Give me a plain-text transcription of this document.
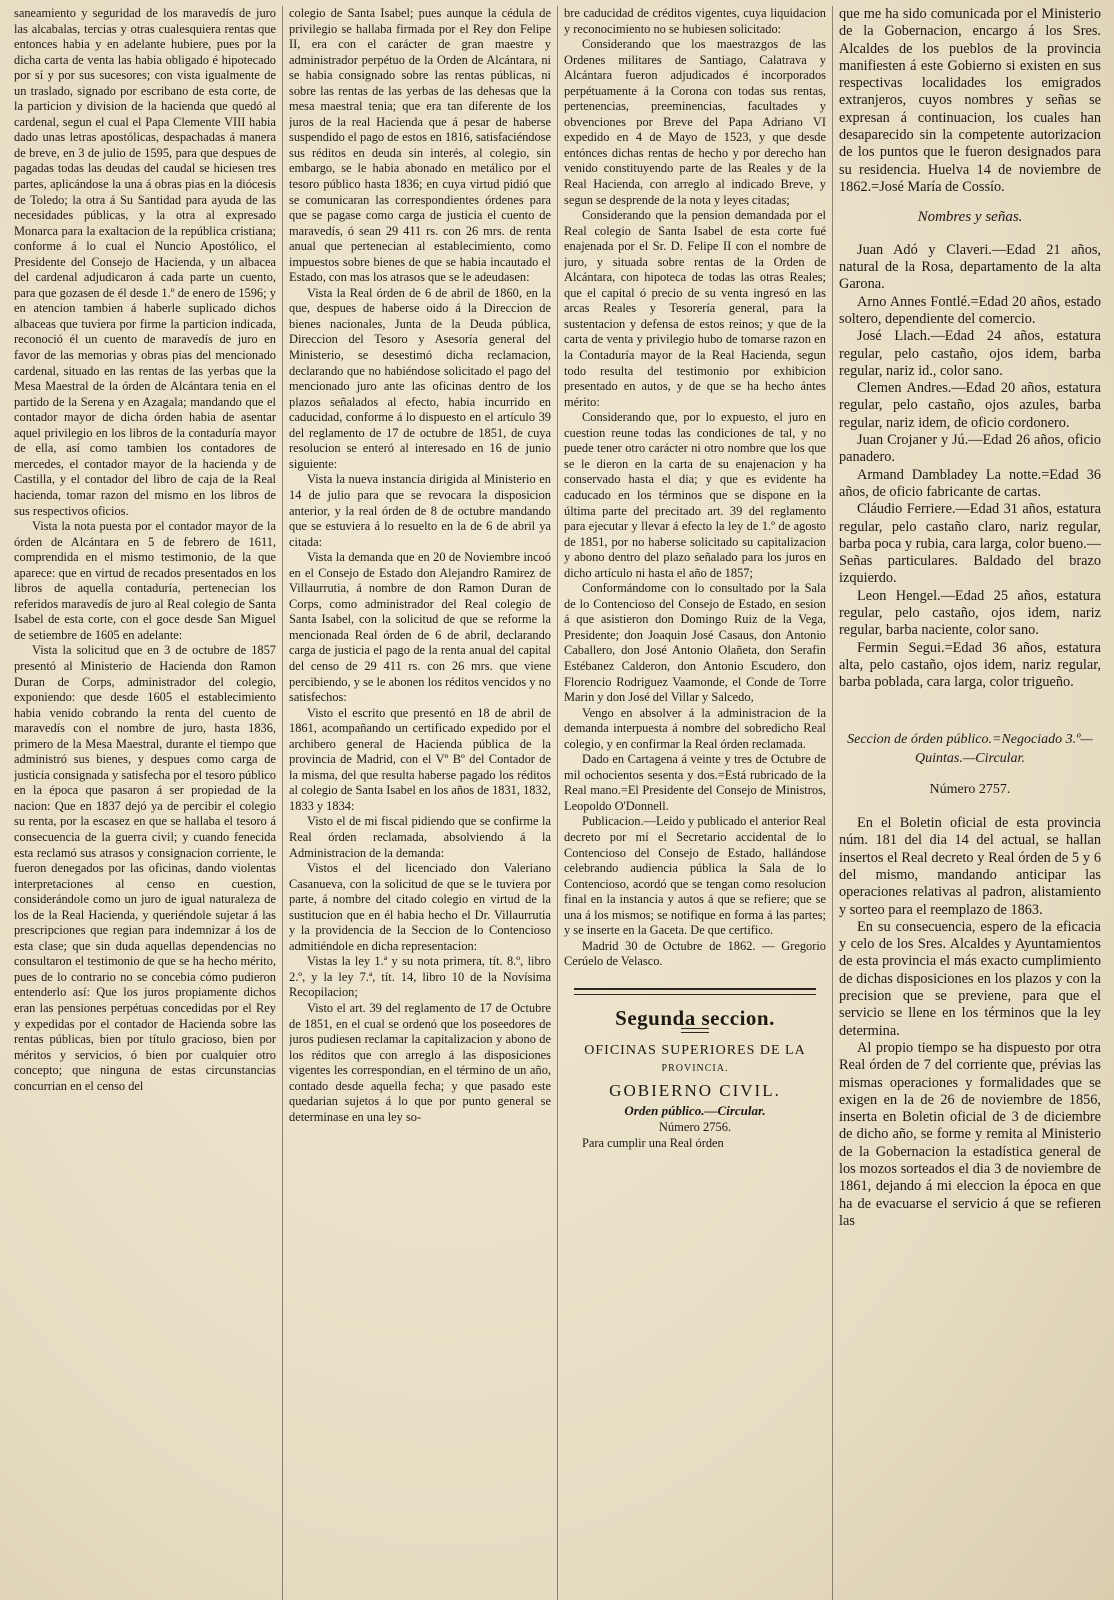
saneamiento y seguridad de los maravedís de juro las alcabalas, tercias y otras cualesquiera rentas que entonces habia y en adelante hubiere, pues por la dicha carta de venta las habia obligado é hipotecado por sí y por sus sucesores; con vista igualmente de un traslado, signado por escribano de esta corte, de la particion y division de la hacienda que quedó al cardenal, segun el cual el Papa Clemente VIII habia dado unas letras apostólicas, despachadas á manera de breve, en 3 de julio de 1595, para que despues de pagadas todas las deudas del caudal se hiciesen tres partes, aplicándose la una á obras pias en la diócesis de Toledo; la otra á Su Santidad para ayuda de las necesidades públicas, y la otra al expresado Monarca para la exaltacion de la república cristiana; conforme á lo cual el Nuncio Apostólico, el Presidente del Consejo de Hacienda, y un albacea del cardenal adjudicaron á cada parte un cuento, para que gozasen de él desde 1.º de enero de 1596; y en atencion tambien á haberle suplicado dichos albaceas que tuviera por firme la particion indicada, reconoció él un cuento de maravedís de juro en favor de las memorias y obras pias del mencionado cardenal, situado en las rentas de las yerbas que la Mesa Maestral de la órden de Alcántara tenia en el partido de la Serena y en Azagala; mandando que el contador mayor de dicha órden habia de asentar aquel privilegio en los libros de la contaduría mayor de ella, así como tambien los contadores de mercedes, el contador mayor de la hacienda y de Castilla, y el contador del libro de caja de la Real hacienda, tomar razon del mismo en los libros de sus respectivos oficios.

Vista la nota puesta por el contador mayor de la órden de Alcántara en 5 de febrero de 1611, comprendida en el mismo testimonio, de la que aparece: que en virtud de recados presentados en los libros de aquella contaduría, pertenecian los referidos maravedís de juro al Real colegio de Santa Isabel de esta corte, con el goce desde San Miguel de setiembre de 1605 en adelante:

Vista la solicitud que en 3 de octubre de 1857 presentó al Ministerio de Hacienda don Ramon Duran de Corps, administrador del colegio, exponiendo: que desde 1605 el establecimiento habia venido cobrando la renta del cuento de maravedís con el nombre de juro, hasta 1836, primero de la Mesa Maestral, durante el tiempo que administró sus bienes, y despues como carga de justicia consignada y satisfecha por el tesoro público en la época que pasaron á ser propiedad de la nacion: Que en 1837 dejó ya de percibir el colegio su renta, por la escasez en que se hallaba el tesoro á consecuencia de la guerra civil; y cuando fenecida esta reclamó sus atrasos y consignacion corriente, le fueron denegados por las oficinas, dando violentas interpretaciones al censo en cuestion, considerándole como un juro de igual naturaleza de los de la Real Hacienda, y queriéndole sujetar á las prescripciones que regian para indemnizar á los de esta clase; que sin duda aquellas dependencias no consultaron el testimonio de que se ha hecho mérito, pues de lo contrario no se concebia cómo pudieron entenderlo así: Que los juros propiamente dichos eran las pensiones perpétuas concedidas por el Rey y expedidas por el contador de Hacienda sobre las rentas públicas, bien por título gracioso, bien por méritos y servicios, ó bien por cualquier otro concepto; que ninguna de estas circunstancias concurrian en el censo del

colegio de Santa Isabel; pues aunque la cédula de privilegio se hallaba firmada por el Rey don Felipe II, era con el carácter de gran maestre y administrador perpétuo de la Orden de Alcántara, ni se habia consignado sobre las rentas públicas, ni sobre las rentas de las yerbas de las dehesas que la mesa maestral tenia; que era tan diferente de los juros de la real Hacienda que á pesar de haberse suspendido el pago de estos en 1816, satisfaciéndose sus réditos en deuda sin interés, al colegio, sin embargo, se le habia abonado en metálico por el tesoro público hasta 1836; en cuya virtud pidió que se comunicaran las correspondientes órdenes para que se pagase como carga de justicia el cuento de maravedís, ó sean 29 411 rs. con 26 mrs. de renta anual que pertenecian al establecimiento, como impuestos sobre bienes de que se habia incautado el Estado, con mas los atrasos que se le adeudasen:

Vista la Real órden de 6 de abril de 1860, en la que, despues de haberse oido á la Direccion de bienes nacionales, Junta de la Deuda pública, Direccion del Tesoro y Asesoría general del Ministerio, se desestimó dicha reclamacion, declarando que no habiéndose solicitado el pago del mencionado juro ante las oficinas dentro de los plazos señalados al efecto, habia incurrido en caducidad, conforme á lo dispuesto en el artículo 39 del reglamento de 17 de octubre de 1851, de cuya resolucion se enteró al interesado en 16 de junio siguiente:

Vista la nueva instancia dirigida al Ministerio en 14 de julio para que se revocara la disposicion anterior, y la real órden de 8 de octubre mandando que se estuviera á lo resuelto en la de 6 de abril ya citada:

Vista la demanda que en 20 de Noviembre incoó en el Consejo de Estado don Alejandro Ramirez de Villaurrutia, á nombre de don Ramon Duran de Corps, como administrador del Real colegio de Santa Isabel, con la solicitud de que se reforme la mencionada Real órden de 6 de abril, declarando carga de justicia el pago de la renta anual del capital del censo de 29 411 rs. con 26 mrs. que viene percibiendo, y se le abonen los réditos vencidos y no satisfechos:

Visto el escrito que presentó en 18 de abril de 1861, acompañando un certificado expedido por el archibero general de Hacienda pública de la provincia de Madrid, con el Vº Bº del Contador de la misma, del que resulta haberse pagado los réditos al colegio de Santa Isabel en los años de 1831, 1832, 1833 y 1834:

Visto el de mi fiscal pidiendo que se confirme la Real órden reclamada, absolviendo á la Administracion de la demanda:

Vistos el del licenciado don Valeriano Casanueva, con la solicitud de que se le tuviera por parte, á nombre del citado colegio en virtud de la sustitucion que en él habia hecho el Dr. Villaurrutia y la providencia de la Seccion de lo Contencioso admitiéndole en dicha representacion:

Vistas la ley 1.ª y su nota primera, tít. 8.º, libro 2.º, y la ley 7.ª, tít. 14, libro 10 de la Novísima Recopilacion;

Visto el art. 39 del reglamento de 17 de Octubre de 1851, en el cual se ordenó que los poseedores de juros pudiesen reclamar la capitalizacion y abono de los réditos que con arreglo á las disposiciones vigentes les correspondian, en el término de un año, contado desde aquella fecha; y que pasado este quedarian sujetos á lo que por punto general se determinase en una ley so-

bre caducidad de créditos vigentes, cuya liquidacion y reconocimiento no se hubiesen solicitado:

Considerando que los maestrazgos de las Ordenes militares de Santiago, Calatrava y Alcántara fueron adjudicados é incorporados perpétuamente á la Corona con todas sus rentas, pertenencias, preeminencias, facultades y obvenciones por Breve del Papa Adriano VI expedido en 4 de Mayo de 1523, y que desde entónces dichas rentas de hecho y por derecho han venido constituyendo parte de las Reales y de la Real Hacienda, con arreglo al indicado Breve, y segun se desprende de la nota y leyes citadas;

Considerando que la pension demandada por el Real colegio de Santa Isabel de esta corte fué enajenada por el Sr. D. Felipe II con el nombre de juro, y situada sobre rentas de la Orden de Alcántara, con hipoteca de todas las otras Reales; que el capital ó precio de su venta ingresó en las arcas Reales y Tesorería general, para la sustentacion y defensa de estos reinos; y que de la carta de venta y privilegio hubo de tomarse razon en la Contaduría mayor de la Real Hacienda, segun todo resulta del testimonio por exhibicion presentado en autos, y de que se ha hecho ántes mérito:

Considerando que, por lo expuesto, el juro en cuestion reune todas las condiciones de tal, y no puede tener otro carácter ni otro nombre que los que se le dieron en la carta de su enajenacion y ha conservado hasta el dia; y que es evidente ha caducado en los términos que se dispone en la última parte del precitado art. 39 del reglamento para ejecutar y llevar á efecto la ley de 1.º de agosto de 1851, por no haberse solicitado su capitalizacion y abono dentro del plazo señalado para los juros en dicho artículo ni hasta el año de 1857;

Conformándome con lo consultado por la Sala de lo Contencioso del Consejo de Estado, en sesion á que asistieron don Domingo Ruiz de la Vega, Presidente; don Joaquin José Casaus, don Antonio Caballero, don José Antonio Olañeta, don Serafin Estébanez Calderon, don Antonio Escudero, don Florencio Rodriguez Vaamonde, el Conde de Torre Marin y don José del Villar y Salcedo,

Vengo en absolver á la administracion de la demanda interpuesta á nombre del sobredicho Real colegio, y en confirmar la Real órden reclamada.

Dado en Cartagena á veinte y tres de Octubre de mil ochocientos sesenta y dos.=Está rubricado de la Real mano.=El Presidente del Consejo de Ministros, Leopoldo O'Donnell.

Publicacion.—Leido y publicado el anterior Real decreto por mí el Secretario accidental de lo Contencioso del Consejo de Estado, hallándose celebrando audiencia pública la Sala de lo Contencioso, acordó que se tengan como resolucion final en la instancia y autos á que se refiere; que se una á los mismos; se notifique en forma á las partes; y se inserte en la Gaceta. De que certifico.

Madrid 30 de Octubre de 1862. — Gregorio Cerúelo de Velasco.

Segunda seccion.
OFICINAS SUPERIORES DE LA
PROVINCIA.
GOBIERNO CIVIL.
Orden público.—Circular.
Número 2756.

Para cumplir una Real órden

que me ha sido comunicada por el Ministerio de la Gobernacion, encargo á los Sres. Alcaldes de los pueblos de la provincia manifiesten á este Gobierno si existen en sus respectivas localidades los emigrados extranjeros, cuyos nombres y señas se expresan á continuacion, los cuales han desaparecido sin la competente autorizacion de los puntos que le fueron designados para su residencia. Huelva 14 de noviembre de 1862.=José María de Cossío.

Nombres y señas.

Juan Adó y Claveri.—Edad 21 años, natural de la Rosa, departamento de la alta Garona.

Arno Annes Fontlé.=Edad 20 años, estado soltero, dependiente del comercio.

José Llach.—Edad 24 años, estatura regular, pelo castaño, ojos idem, barba regular, nariz id., color sano.

Clemen Andres.—Edad 20 años, estatura regular, pelo castaño, ojos azules, barba regular, nariz idem, de oficio cordonero.

Juan Crojaner y Jú.—Edad 26 años, oficio panadero.

Armand Dambladey La notte.=Edad 36 años, de oficio fabricante de cartas.

Cláudio Ferriere.—Edad 31 años, estatura regular, pelo castaño claro, nariz regular, barba poca y rubia, cara larga, color bueno.—Señas particulares. Baldado del brazo izquierdo.

Leon Hengel.—Edad 25 años, estatura regular, pelo castaño, ojos idem, nariz regular, barba naciente, color sano.

Fermin Segui.=Edad 36 años, estatura alta, pelo castaño, ojos idem, nariz regular, barba poblada, cara larga, color trigueño.

Seccion de órden público.=Negociado 3.º—Quintas.—Circular.
Número 2757.

En el Boletin oficial de esta provincia núm. 181 del dia 14 del actual, se hallan insertos el Real decreto y Real órden de 5 y 6 del mismo, mandando anticipar las operaciones relativas al padron, alistamiento y sorteo para el reemplazo de 1863.

En su consecuencia, espero de la eficacia y celo de los Sres. Alcaldes y Ayuntamientos de esta provincia el más exacto cumplimiento de dichas disposiciones en los plazos y con la precision que se previene, para que el servicio se llene en los términos que la ley determina.

Al propio tiempo se ha dispuesto por otra Real órden de 7 del corriente que, prévias las mismas operaciones y formalidades que se exigen en la de 26 de noviembre de 1856, inserta en Boletin oficial de 3 de diciembre de dicho año, se forme y remita al Ministerio de la Gobernacion la estadística general de los mozos sorteados el dia 3 de noviembre de 1861, dejando á mi eleccion la época en que ha de evacuarse el servicio á que se refieren las
